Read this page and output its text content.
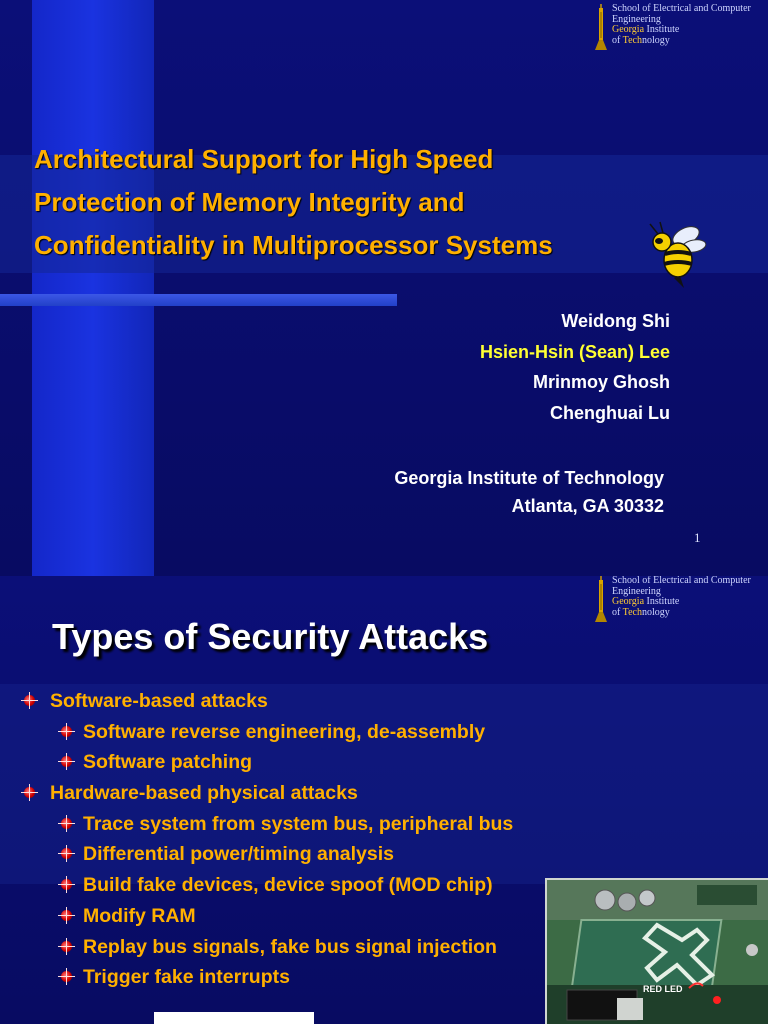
School of Electrical and Computer
Engineering
Georgia Institute
of Technology
Architectural Support for High Speed
Protection of Memory Integrity and
Confidentiality in Multiprocessor Systems
Weidong Shi
Hsien-Hsin (Sean) Lee
Mrinmoy Ghosh
Chenghuai Lu
Georgia Institute of Technology
Atlanta, GA 30332
1
School of Electrical and Computer
Engineering
Georgia Institute
of Technology
Types of Security Attacks
Software-based attacks
Software reverse engineering, de-assembly
Software patching
Hardware-based physical attacks
Trace system from system bus, peripheral bus
Differential power/timing analysis
Build fake devices, device spoof (MOD chip)
Modify RAM
Replay bus signals, fake bus signal injection
Trigger fake interrupts
RED LED
